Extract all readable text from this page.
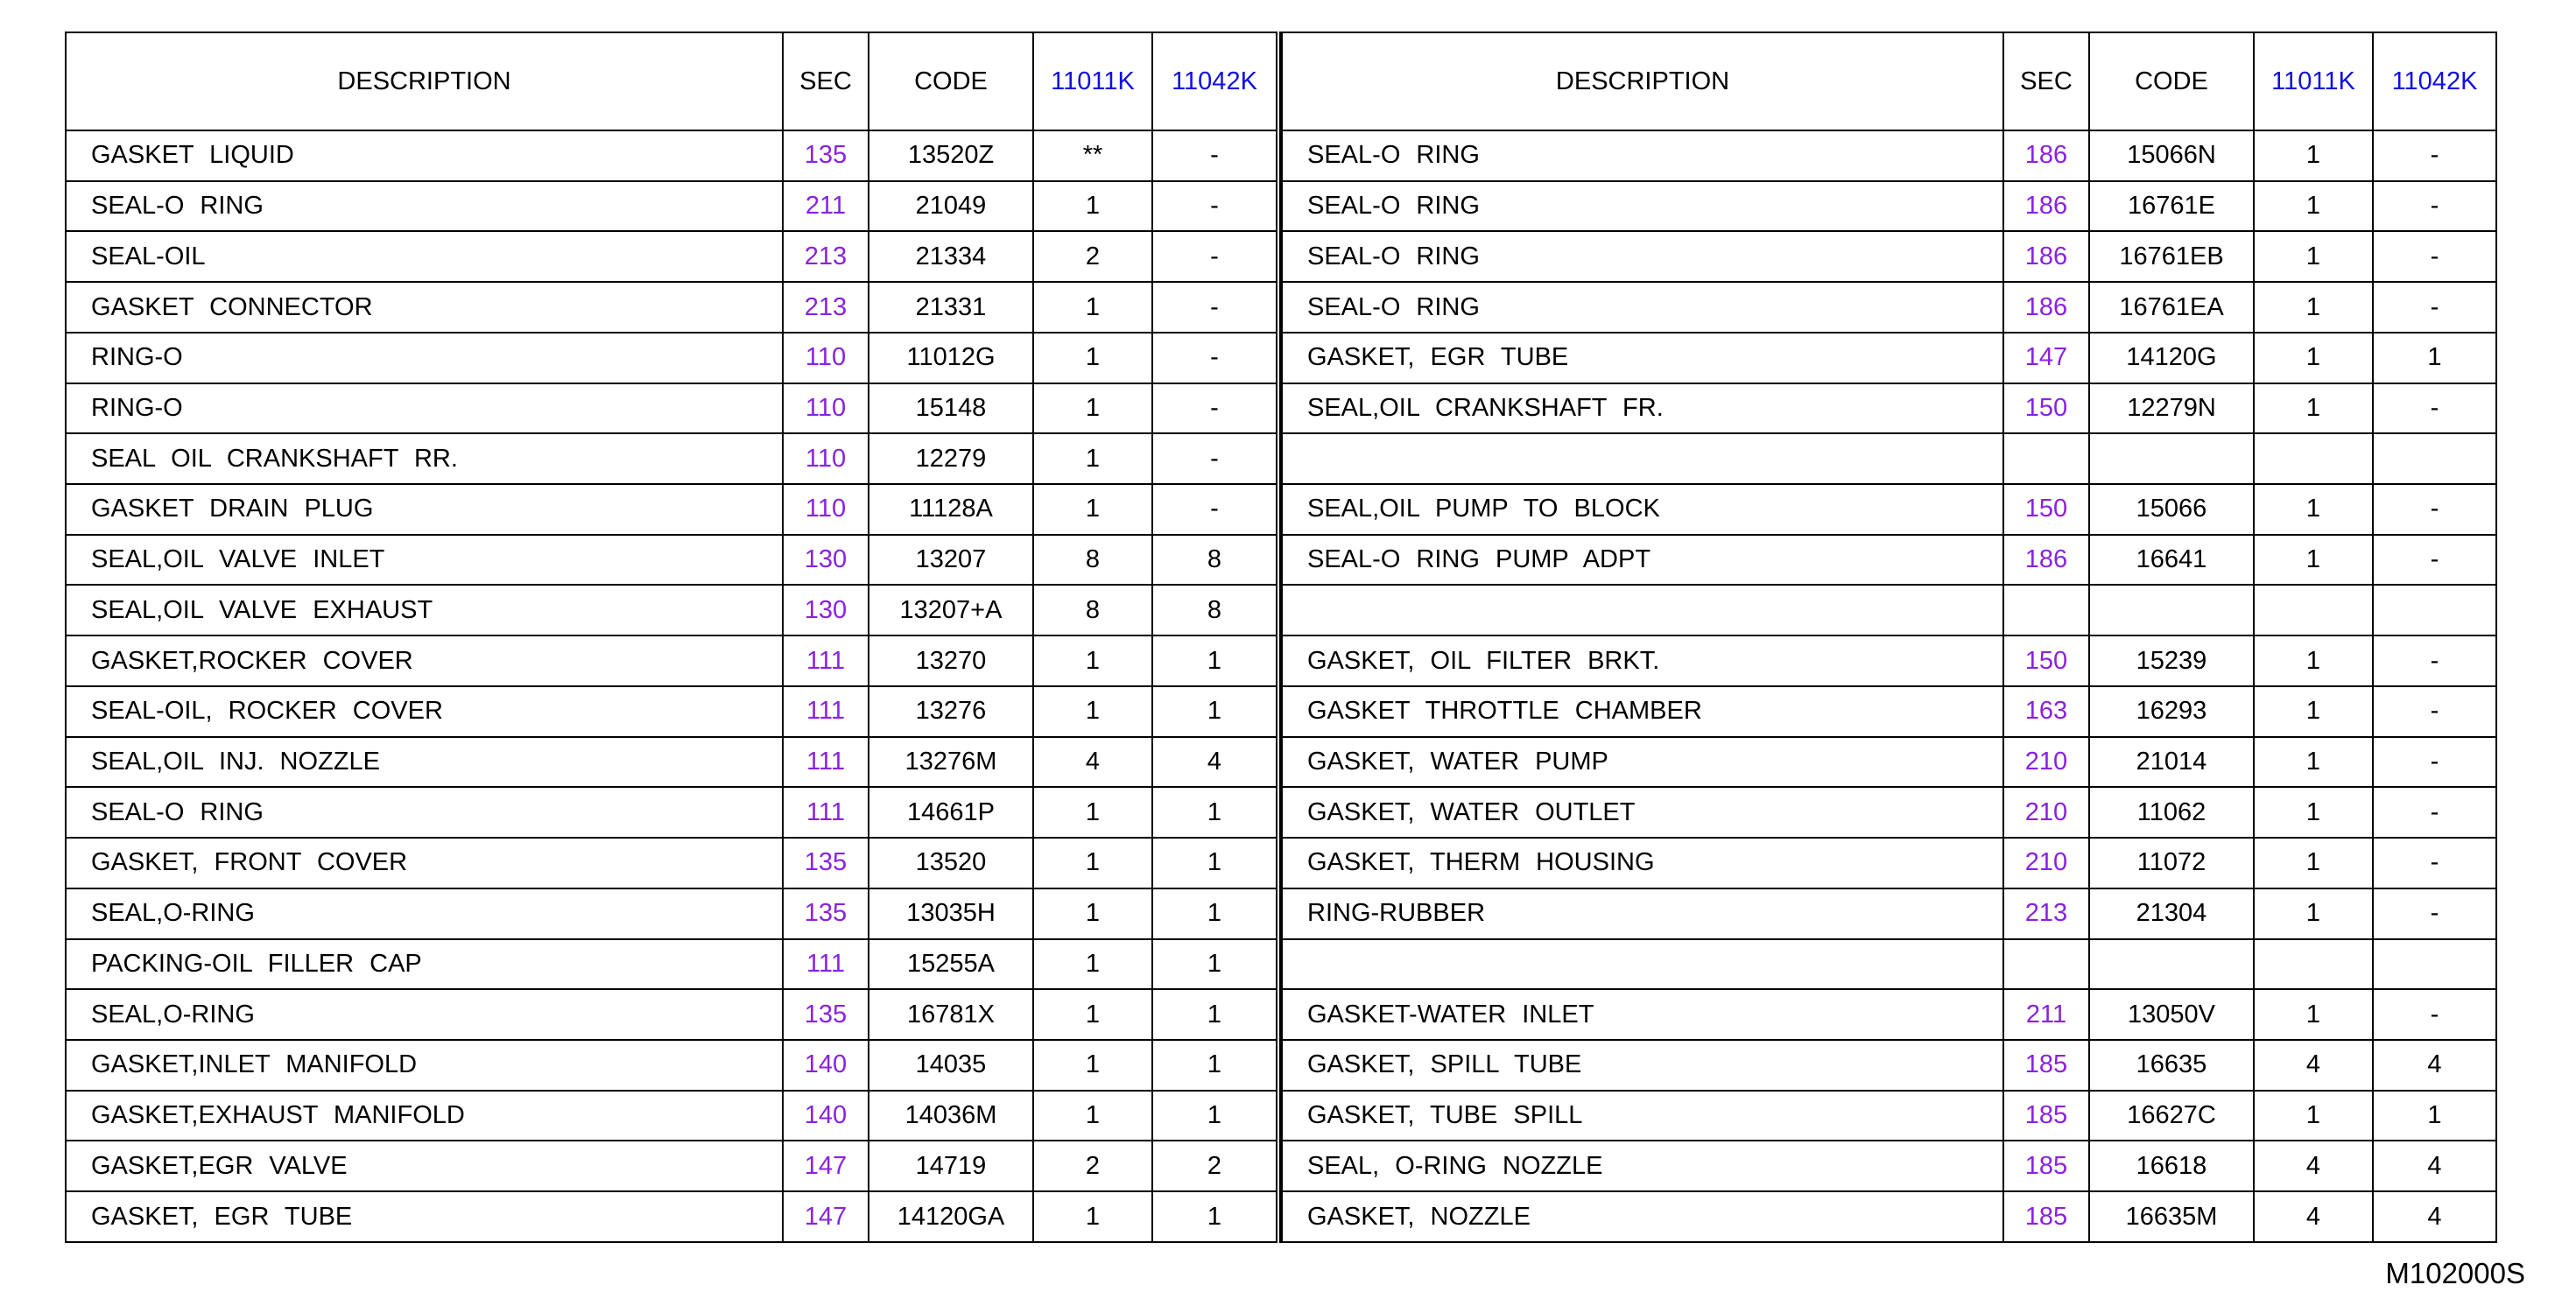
DESCRIPTION	SEC	CODE	11011K	11042K
GASKET LIQUID	135	13520Z	**	-
SEAL-O RING	211	21049	1	-
SEAL-OIL	213	21334	2	-
GASKET CONNECTOR	213	21331	1	-
RING-O	110	11012G	1	-
RING-O	110	15148	1	-
SEAL OIL CRANKSHAFT RR.	110	12279	1	-
GASKET DRAIN PLUG	110	11128A	1	-
SEAL,OIL VALVE INLET	130	13207	8	8
SEAL,OIL VALVE EXHAUST	130	13207+A	8	8
GASKET,ROCKER COVER	111	13270	1	1
SEAL-OIL, ROCKER COVER	111	13276	1	1
SEAL,OIL INJ. NOZZLE	111	13276M	4	4
SEAL-O RING	111	14661P	1	1
GASKET, FRONT COVER	135	13520	1	1
SEAL,O-RING	135	13035H	1	1
PACKING-OIL FILLER CAP	111	15255A	1	1
SEAL,O-RING	135	16781X	1	1
GASKET,INLET MANIFOLD	140	14035	1	1
GASKET,EXHAUST MANIFOLD	140	14036M	1	1
GASKET,EGR VALVE	147	14719	2	2
GASKET, EGR TUBE	147	14120GA	1	1
DESCRIPTION	SEC	CODE	11011K	11042K
SEAL-O RING	186	15066N	1	-
SEAL-O RING	186	16761E	1	-
SEAL-O RING	186	16761EB	1	-
SEAL-O RING	186	16761EA	1	-
GASKET, EGR TUBE	147	14120G	1	1
SEAL,OIL CRANKSHAFT FR.	150	12279N	1	-

SEAL,OIL PUMP TO BLOCK	150	15066	1	-
SEAL-O RING PUMP ADPT	186	16641	1	-

GASKET, OIL FILTER BRKT.	150	15239	1	-
GASKET THROTTLE CHAMBER	163	16293	1	-
GASKET, WATER PUMP	210	21014	1	-
GASKET, WATER OUTLET	210	11062	1	-
GASKET, THERM HOUSING	210	11072	1	-
RING-RUBBER	213	21304	1	-

GASKET-WATER INLET	211	13050V	1	-
GASKET, SPILL TUBE	185	16635	4	4
GASKET, TUBE SPILL	185	16627C	1	1
SEAL, O-RING NOZZLE	185	16618	4	4
GASKET, NOZZLE	185	16635M	4	4
M102000S
